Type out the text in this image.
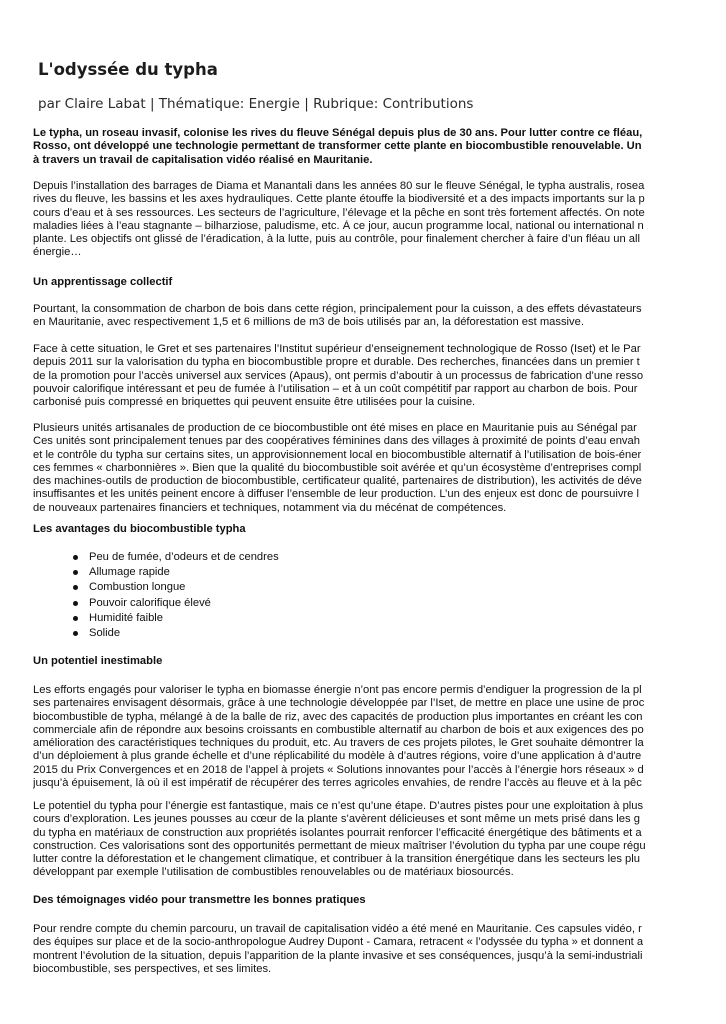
L'odyssée du typha
par Claire Labat | Thématique: Energie | Rubrique: Contributions

Le typha, un roseau invasif, colonise les rives du fleuve Sénégal depuis plus de 30 ans. Pour lutter contre ce fléau,
Rosso, ont développé une technologie permettant de transformer cette plante en biocombustible renouvelable. Un
à travers un travail de capitalisation vidéo réalisé en Mauritanie.

Depuis l’installation des barrages de Diama et Manantali dans les années 80 sur le fleuve Sénégal, le typha australis, rosea
rives du fleuve, les bassins et les axes hydrauliques. Cette plante étouffe la biodiversité et a des impacts importants sur la p
cours d’eau et à ses ressources. Les secteurs de l’agriculture, l’élevage et la pêche en sont très fortement affectés. On note
maladies liées à l’eau stagnante – bilharziose, paludisme, etc. À ce jour, aucun programme local, national ou international n
plante. Les objectifs ont glissé de l’éradication, à la lutte, puis au contrôle, pour finalement chercher à faire d’un fléau un all
énergie…

Un apprentissage collectif

Pourtant, la consommation de charbon de bois dans cette région, principalement pour la cuisson, a des effets dévastateurs
en Mauritanie, avec respectivement 1,5 et 6 millions de m3 de bois utilisés par an, la déforestation est massive.

Face à cette situation, le Gret et ses partenaires l’Institut supérieur d’enseignement technologique de Rosso (Iset) et le Par
depuis 2011 sur la valorisation du typha en biocombustible propre et durable. Des recherches, financées dans un premier t
de la promotion pour l’accès universel aux services (Apaus), ont permis d’aboutir à un processus de fabrication d’une resso
pouvoir calorifique intéressant et peu de fumée à l’utilisation – et à un coût compétitif par rapport au charbon de bois. Pour
carbonisé puis compressé en briquettes qui peuvent ensuite être utilisées pour la cuisine.

Plusieurs unités artisanales de production de ce biocombustible ont été mises en place en Mauritanie puis au Sénégal par
Ces unités sont principalement tenues par des coopératives féminines dans des villages à proximité de points d’eau envah
et le contrôle du typha sur certains sites, un approvisionnement local en biocombustible alternatif à l’utilisation de bois-éner
ces femmes « charbonnières ». Bien que la qualité du biocombustible soit avérée et qu’un écosystème d’entreprises compl
des machines-outils de production de biocombustible, certificateur qualité, partenaires de distribution), les activités de déve
insuffisantes et les unités peinent encore à diffuser l’ensemble de leur production. L’un des enjeux est donc de poursuivre l
de nouveaux partenaires financiers et techniques, notamment via du mécénat de compétences.

Les avantages du biocombustible typha
Peu de fumée, d’odeurs et de cendres
Allumage rapide
Combustion longue
Pouvoir calorifique élevé
Humidité faible
Solide
Un potentiel inestimable

Les efforts engagés pour valoriser le typha en biomasse énergie n’ont pas encore permis d’endiguer la progression de la pl
ses partenaires envisagent désormais, grâce à une technologie développée par l’Iset, de mettre en place une usine de proc
biocombustible de typha, mélangé à de la balle de riz, avec des capacités de production plus importantes en créant les con
commerciale afin de répondre aux besoins croissants en combustible alternatif au charbon de bois et aux exigences des po
amélioration des caractéristiques techniques du produit, etc. Au travers de ces projets pilotes, le Gret souhaite démontrer la
d’un déploiement à plus grande échelle et d’une réplicabilité du modèle à d’autres régions, voire d’une application à d’autre
2015 du Prix Convergences et en 2018 de l’appel à projets « Solutions innovantes pour l’accès à l’énergie hors réseaux » d
jusqu’à épuisement, là où il est impératif de récupérer des terres agricoles envahies, de rendre l’accès au fleuve et à la pêc

Le potentiel du typha pour l’énergie est fantastique, mais ce n’est qu’une étape. D’autres pistes pour une exploitation à plus
cours d’exploration. Les jeunes pousses au cœur de la plante s’avèrent délicieuses et sont même un mets prisé dans les g
du typha en matériaux de construction aux propriétés isolantes pourrait renforcer l’efficacité énergétique des bâtiments et a
construction. Ces valorisations sont des opportunités permettant de mieux maîtriser l’évolution du typha par une coupe régu
lutter contre la déforestation et le changement climatique, et contribuer à la transition énergétique dans les secteurs les plu
développant par exemple l’utilisation de combustibles renouvelables ou de matériaux biosourcés.

Des témoignages vidéo pour transmettre les bonnes pratiques

Pour rendre compte du chemin parcouru, un travail de capitalisation vidéo a été mené en Mauritanie. Ces capsules vidéo, r
des équipes sur place et de la socio-anthropologue Audrey Dupont - Camara, retracent « l’odyssée du typha » et donnent a
montrent l’évolution de la situation, depuis l’apparition de la plante invasive et ses conséquences, jusqu’à la semi-industriali
biocombustible, ses perspectives, et ses limites.
